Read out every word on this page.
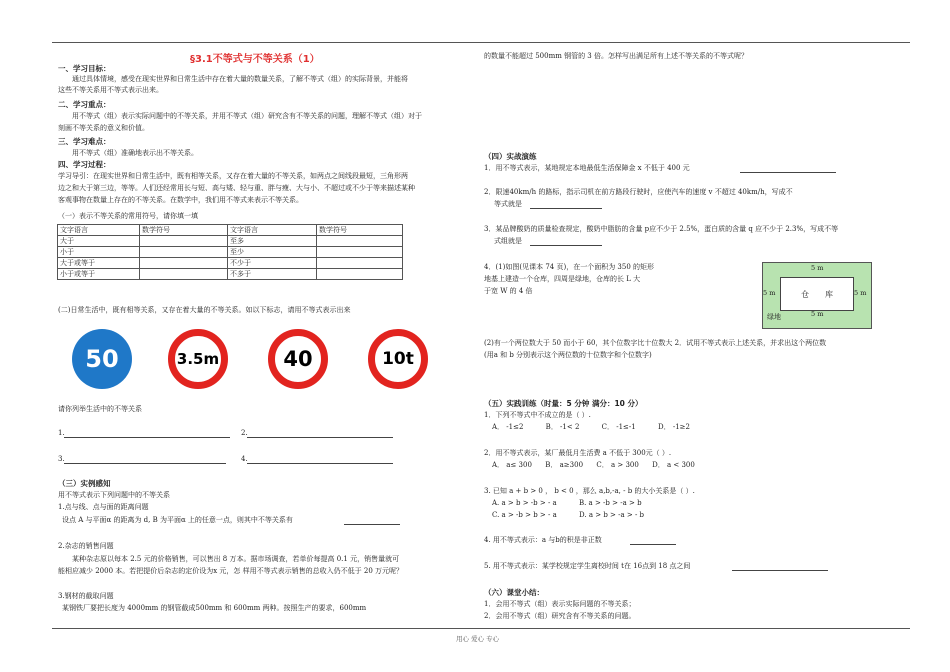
§3.1不等式与不等关系（1）
一、学习目标：
通过具体情境，感受在现实世界和日常生活中存在着大量的数量关系，了解不等式（组）的实际背景，并能将
这些不等关系用不等式表示出来。
二、学习重点：
用不等式（组）表示实际问题中的不等关系，并用不等式（组）研究含有不等关系的问题，理解不等式（组）对于
刻画不等关系的意义和价值。
三、学习难点：
用不等式（组）准确地表示出不等关系。
四、学习过程：
学习导引：在现实世界和日常生活中，既有相等关系，又存在着大量的不等关系，如两点之间线段最短，三角形两
边之和大于第三边，等等。人们还经常用长与短、高与矮、轻与重、胖与瘦、大与小、不超过或不少于等来描述某种
客观事物在数量上存在的不等关系。在数学中，我们用不等式来表示不等关系。
（一）表示不等关系的常用符号，请你填一填
文字语言	数学符号	文字语言	数学符号
大于		至多	
小于		至少	
大于或等于		不少于	
小于或等于		不多于	
(二)日常生活中，既有相等关系，又存在着大量的不等关系。如以下标志，请用不等式表示出来
50	3.5m	40	10t
请你列举生活中的不等关系
1.	2.
3.	4.
（三）实例感知
用不等式表示下列问题中的不等关系
1.点与线、点与面的距离问题
设点 A 与平面α 的距离为 d, B 为平面α 上的任意一点，则其中不等关系有
2.杂志的销售问题
某种杂志原以每本 2.5 元的价格销售，可以售出 8 万本。据市场调查，若单价每提高 0.1 元，销售量就可
能相应减少 2000 本。若把提价后杂志的定价设为x 元，怎 样用不等式表示销售的总收入仍不低于 20 万元呢？
3.钢材的截取问题
某钢铁厂要把长度为 4000mm 的钢管截成500mm 和 600mm 两种。按照生产的要求，600mm
的数量不能超过 500mm 钢管的 3 倍。怎样写出满足所有上述不等关系的不等式呢？
（四）实战演练
1．用不等式表示，某地规定本地最低生活保障金 x 不低于 400 元
2．限速40km/h 的路标，指示司机在前方路段行驶时，应使汽车的速度 v 不超过 40km/h，写成不
等式就是
3．某品牌酸奶的质量检查规定，酸奶中脂肪的含量 p应不少于 2.5%，蛋白质的含量 q 应不少于 2.3%，写成不等
式组就是
4．(1)如图(见课本 74 页)，在一个面积为 350 的矩形
地基上建造一个仓库，四周是绿地，仓库的长 L 大
于宽 W 的 4 倍	仓　　库
5 m
5 m
5 m	5 m
绿地
(2)有一个两位数大于 50 而小于 60，其个位数字比十位数大 2．试用不等式表示上述关系，并求出这个两位数
(用a 和 b 分别表示这个两位数的十位数字和个位数字)
（五）实践训练（时量：5 分钟 满分：10 分）
1．下列不等式中不成立的是（ ）.
A． -1≤2          B． -1< 2          C． -1≤-1          D． -1≥2
2．用不等式表示，某厂最低月生活费 a 不低于 300元（ ）.
A． a≤ 300      B． a≥300      C． a > 300      D． a < 300
3. 已知 a + b > 0 ， b < 0 ，那么 a,b,-a, - b 的大小关系是（ ）.
A. a > b > -b > - a          B. a > -b > -a > b
C. a > -b > b > - a          D. a > b > -a > - b
4. 用不等式表示：a 与b的积是非正数
5. 用不等式表示：某学校规定学生离校时间 t在 16点到 18 点之间
（六）课堂小结：
1．会用不等式（组）表示实际问题的不等关系；
2．会用不等式（组）研究含有不等关系的问题。
用心 爱心 专心
